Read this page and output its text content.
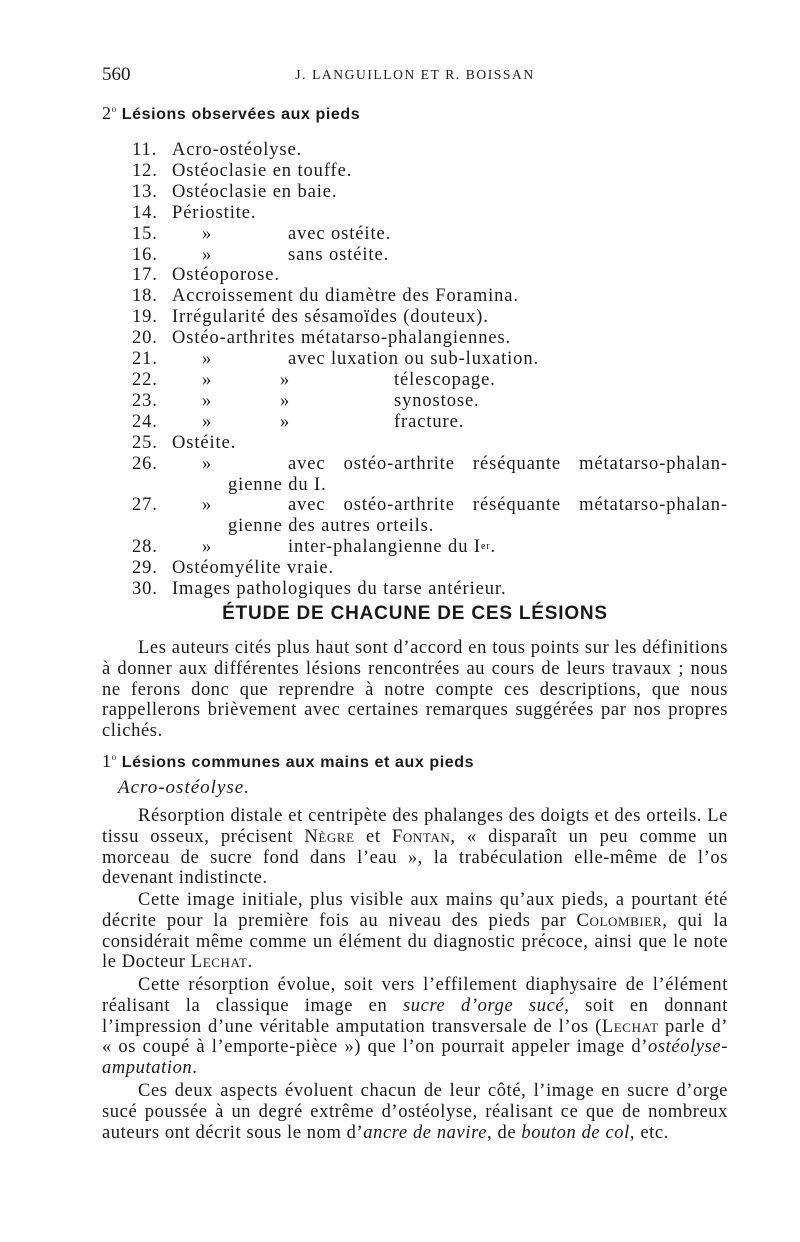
560	J. LANGUILLON ET R. BOISSAN
2$^o$ Lésions observées aux pieds
11. Acro-ostéolyse.
12. Ostéoclasie en touffe.
13. Ostéoclasie en baie.
14. Périostite.
15.	»	avec ostéite.
16.	»	sans ostéite.
17. Ostéoporose.
18. Accroissement du diamètre des Foramina.
19. Irrégularité des sésamoïdes (douteux).
20. Ostéo-arthrites métatarso-phalangiennes.
21.	»	avec luxation ou sub-luxation.
22.	»	»	télescopage.
23.	»	»	synostose.
24.	»	»	fracture.
25. Ostéite.
26.	»	avec ostéo-arthrite réséquante métatarso-phalan-
gienne du I.
27.	»	avec ostéo-arthrite réséquante métatarso-phalan-
gienne des autres orteils.
28.	»	inter-phalangienne du I er .
29. Ostéomyélite vraie.
30. Images pathologiques du tarse antérieur.
ÉTUDE DE CHACUNE DE CES LÉSIONS

Les auteurs cités plus haut sont d’accord en tous points sur les définitions à donner aux différentes lésions rencontrées au cours de leurs travaux ; nous ne ferons donc que reprendre à notre compte ces descriptions, que nous rappellerons brièvement avec certaines remarques suggérées par nos propres clichés.

1$^o$ Lésions communes aux mains et aux pieds
Acro-ostéolyse.

Résorption distale et centripète des phalanges des doigts et des orteils. Le tissu osseux, précisent Nègre et Fontan, « disparaît un peu comme un morceau de sucre fond dans l’eau », la trabéculation elle-même de l’os devenant indistincte.

Cette image initiale, plus visible aux mains qu’aux pieds, a pourtant été décrite pour la première fois au niveau des pieds par Colombier, qui la considérait même comme un élément du diagnostic précoce, ainsi que le note le Docteur Lechat.

Cette résorption évolue, soit vers l’effilement diaphysaire de l’élément réalisant la classique image en sucre d’orge sucé, soit en donnant l’impression d’une véritable amputation transversale de l’os (Lechat parle d’ « os coupé à l’emporte-pièce ») que l’on pourrait appeler image d’ostéolyse-amputation.

Ces deux aspects évoluent chacun de leur côté, l’image en sucre d’orge sucé poussée à un degré extrême d’ostéolyse, réalisant ce que de nombreux auteurs ont décrit sous le nom d’ancre de navire, de bouton de col, etc.
